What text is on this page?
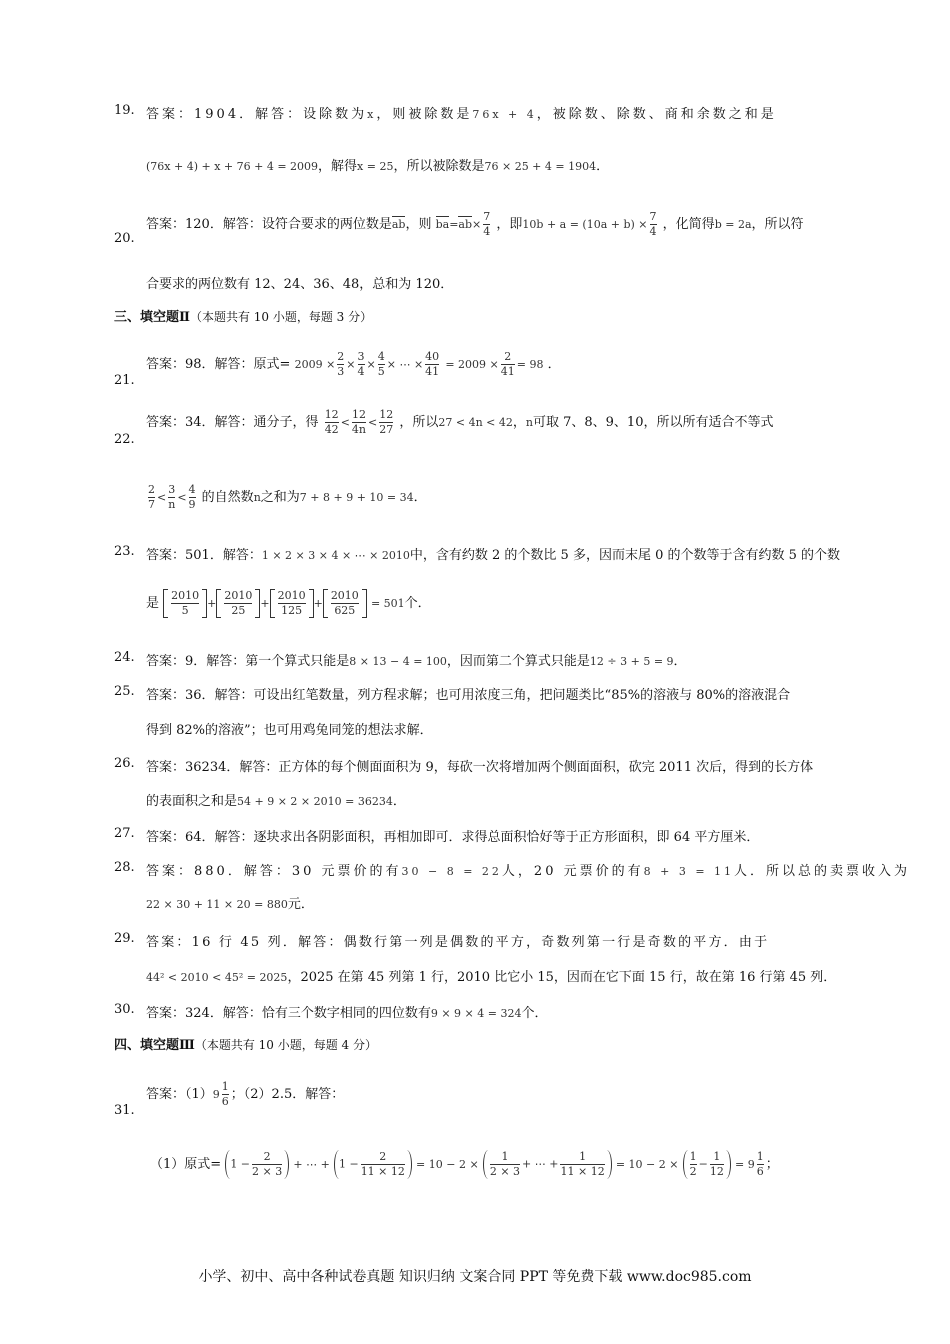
19. 答案：1904．解答：设除数为x，则被除数是76x + 4，被除数、除数、商和余数之和是
(76x + 4) + x + 76 + 4 = 2009，解得x = 25，所以被除数是76 × 25 + 4 = 1904．
20.
答案：120．解答：设符合要求的两位数是ab，则 $ba=ab\times \frac{7}{4}$ ，即$10b + a = (10a + b) \times \frac{7}{4}$ ，化简得b = 2a，所以符
合要求的两位数有 12、24、36、48，总和为 120．
三、填空题Ⅱ（本题共有 10 小题，每题 3 分）
21.
答案：98．解答：原式= $2009 \times \frac{2}{3} \times \frac{3}{4} \times \frac{4}{5}$ × ⋯ × $\frac{40}{41} = 2009 \times \frac{2}{41} = 98$ ．
22.
答案：34．解答：通分子，得 $\frac{12}{42} < \frac{12}{4n} < \frac{12}{27}$ ，所以27 < 4n < 42，n可取 7、8、9、10，所以所有适合不等式
$\frac{2}{7} < \frac{3}{n} < \frac{4}{9}$ 的自然数n之和为7 + 8 + 9 + 10 = 34．
23. 答案：501．解答：1 × 2 × 3 × 4 × ⋯ × 2010中，含有约数 2 的个数比 5 多，因而末尾 0 的个数等于含有约数 5 的个数
是 $\frac{2010}{5} + \frac{2010}{25} + \frac{2010}{125} + \frac{2010}{625} = 501$个．
24. 答案：9．解答：第一个算式只能是8 × 13 − 4 = 100，因而第二个算式只能是12 ÷ 3 + 5 = 9．
25. 答案：36．解答：可设出红笔数量，列方程求解；也可用浓度三角，把问题类比“85%的溶液与 80%的溶液混合
得到 82%的溶液”；也可用鸡兔同笼的想法求解．
26. 答案：36234．解答：正方体的每个侧面面积为 9，每砍一次将增加两个侧面面积，砍完 2011 次后，得到的长方体
的表面积之和是54 + 9 × 2 × 2010 = 36234．
27. 答案：64．解答：逐块求出各阴影面积，再相加即可．求得总面积恰好等于正方形面积，即 64 平方厘米．
28. 答案：880．解答：30 元票价的有30 − 8 = 22人，20 元票价的有8 + 3 = 11人．所以总的卖票收入为
22 × 30 + 11 × 20 = 880元．
29. 答案：16 行 45 列．解答：偶数行第一列是偶数的平方，奇数列第一行是奇数的平方．由于
44² < 2010 < 45² = 2025，2025 在第 45 列第 1 行，2010 比它小 15，因而在它下面 15 行，故在第 16 行第 45 列．
30. 答案：324．解答：恰有三个数字相同的四位数有9 × 9 × 4 = 324个．
四、填空题Ⅲ（本题共有 10 小题，每题 4 分）
31.
答案：$(1)9 \frac{1}{6}$ ；（2）2.5．解答：
（1）原式= $1 - \frac{2}{2 \times 3}$ + ⋯ + $1 - \frac{2}{11 \times 12} = 10 - 2 \times \frac{1}{2 \times 3}$ + ⋯ + $\frac{1}{11 \times 12} = 10 - 2 \times \frac{1}{2} - \frac{1}{12} = 9 \frac{1}{6}$ ；
小学、初中、高中各种试卷真题 知识归纳 文案合同 PPT 等免费下载 www.doc985.com
